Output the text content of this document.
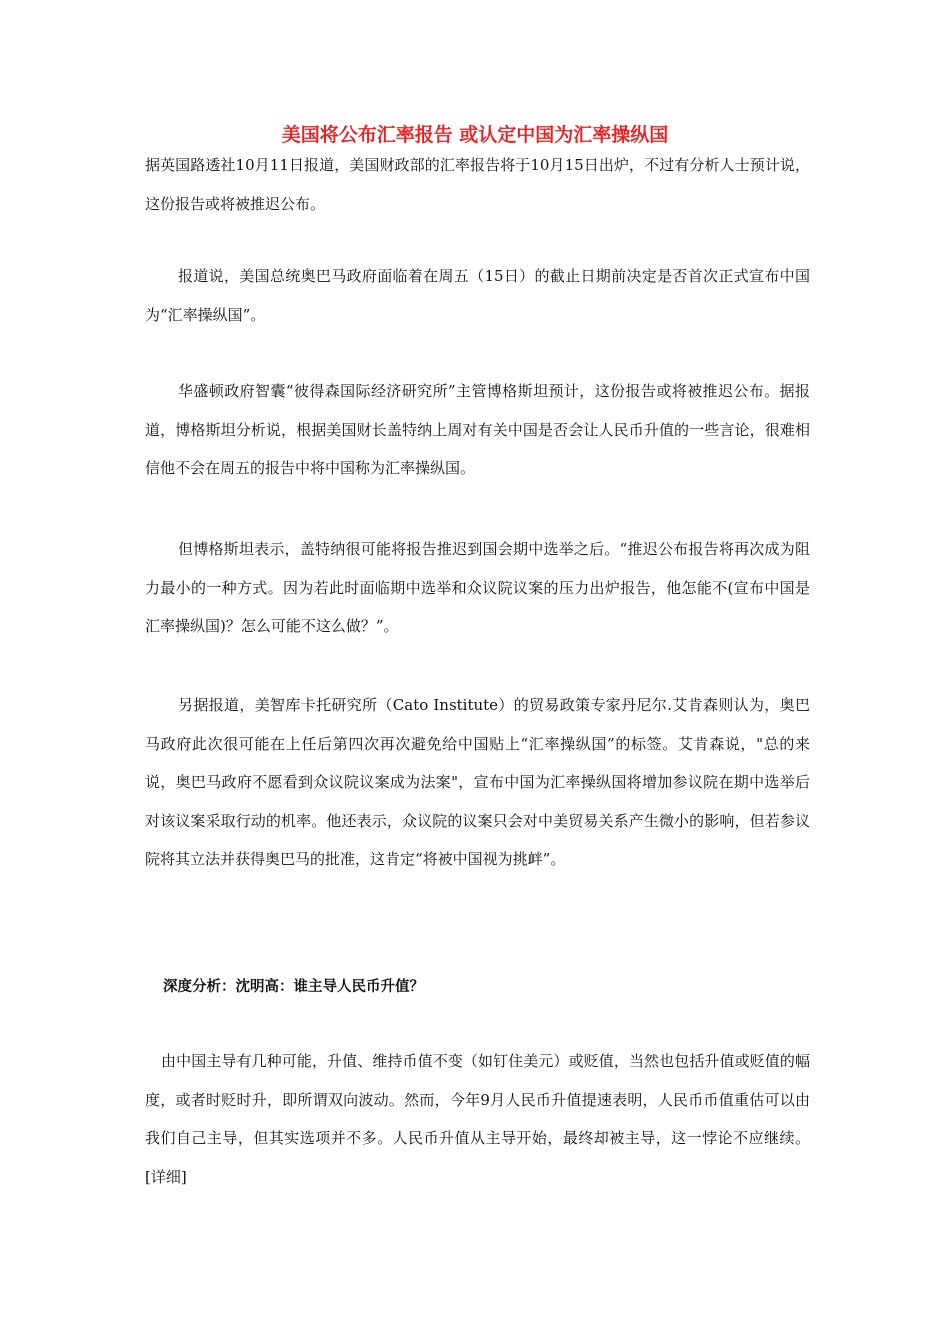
美国将公布汇率报告 或认定中国为汇率操纵国

据英国路透社10月11日报道，美国财政部的汇率报告将于10月15日出炉，不过有分析人士预计说，这份报告或将被推迟公布。

报道说，美国总统奥巴马政府面临着在周五（15日）的截止日期前决定是否首次正式宣布中国为“汇率操纵国”。

华盛顿政府智囊“彼得森国际经济研究所”主管博格斯坦预计，这份报告或将被推迟公布。据报道，博格斯坦分析说，根据美国财长盖特纳上周对有关中国是否会让人民币升值的一些言论，很难相信他不会在周五的报告中将中国称为汇率操纵国。

但博格斯坦表示，盖特纳很可能将报告推迟到国会期中选举之后。“推迟公布报告将再次成为阻力最小的一种方式。因为若此时面临期中选举和众议院议案的压力出炉报告，他怎能不(宣布中国是汇率操纵国)？怎么可能不这么做？”。

另据报道，美智库卡托研究所（Cato Institute）的贸易政策专家丹尼尔.艾肯森则认为，奥巴马政府此次很可能在上任后第四次再次避免给中国贴上“汇率操纵国”的标签。艾肯森说，"总的来说，奥巴马政府不愿看到众议院议案成为法案"，宣布中国为汇率操纵国将增加参议院在期中选举后对该议案采取行动的机率。他还表示，众议院的议案只会对中美贸易关系产生微小的影响，但若参议院将其立法并获得奥巴马的批准，这肯定“将被中国视为挑衅”。

深度分析：沈明高：谁主导人民币升值？

由中国主导有几种可能，升值、维持币值不变（如钉住美元）或贬值，当然也包括升值或贬值的幅度，或者时贬时升，即所谓双向波动。然而，今年9月人民币升值提速表明，人民币币值重估可以由我们自己主导，但其实选项并不多。人民币升值从主导开始，最终却被主导，这一悖论不应继续。[详细]
